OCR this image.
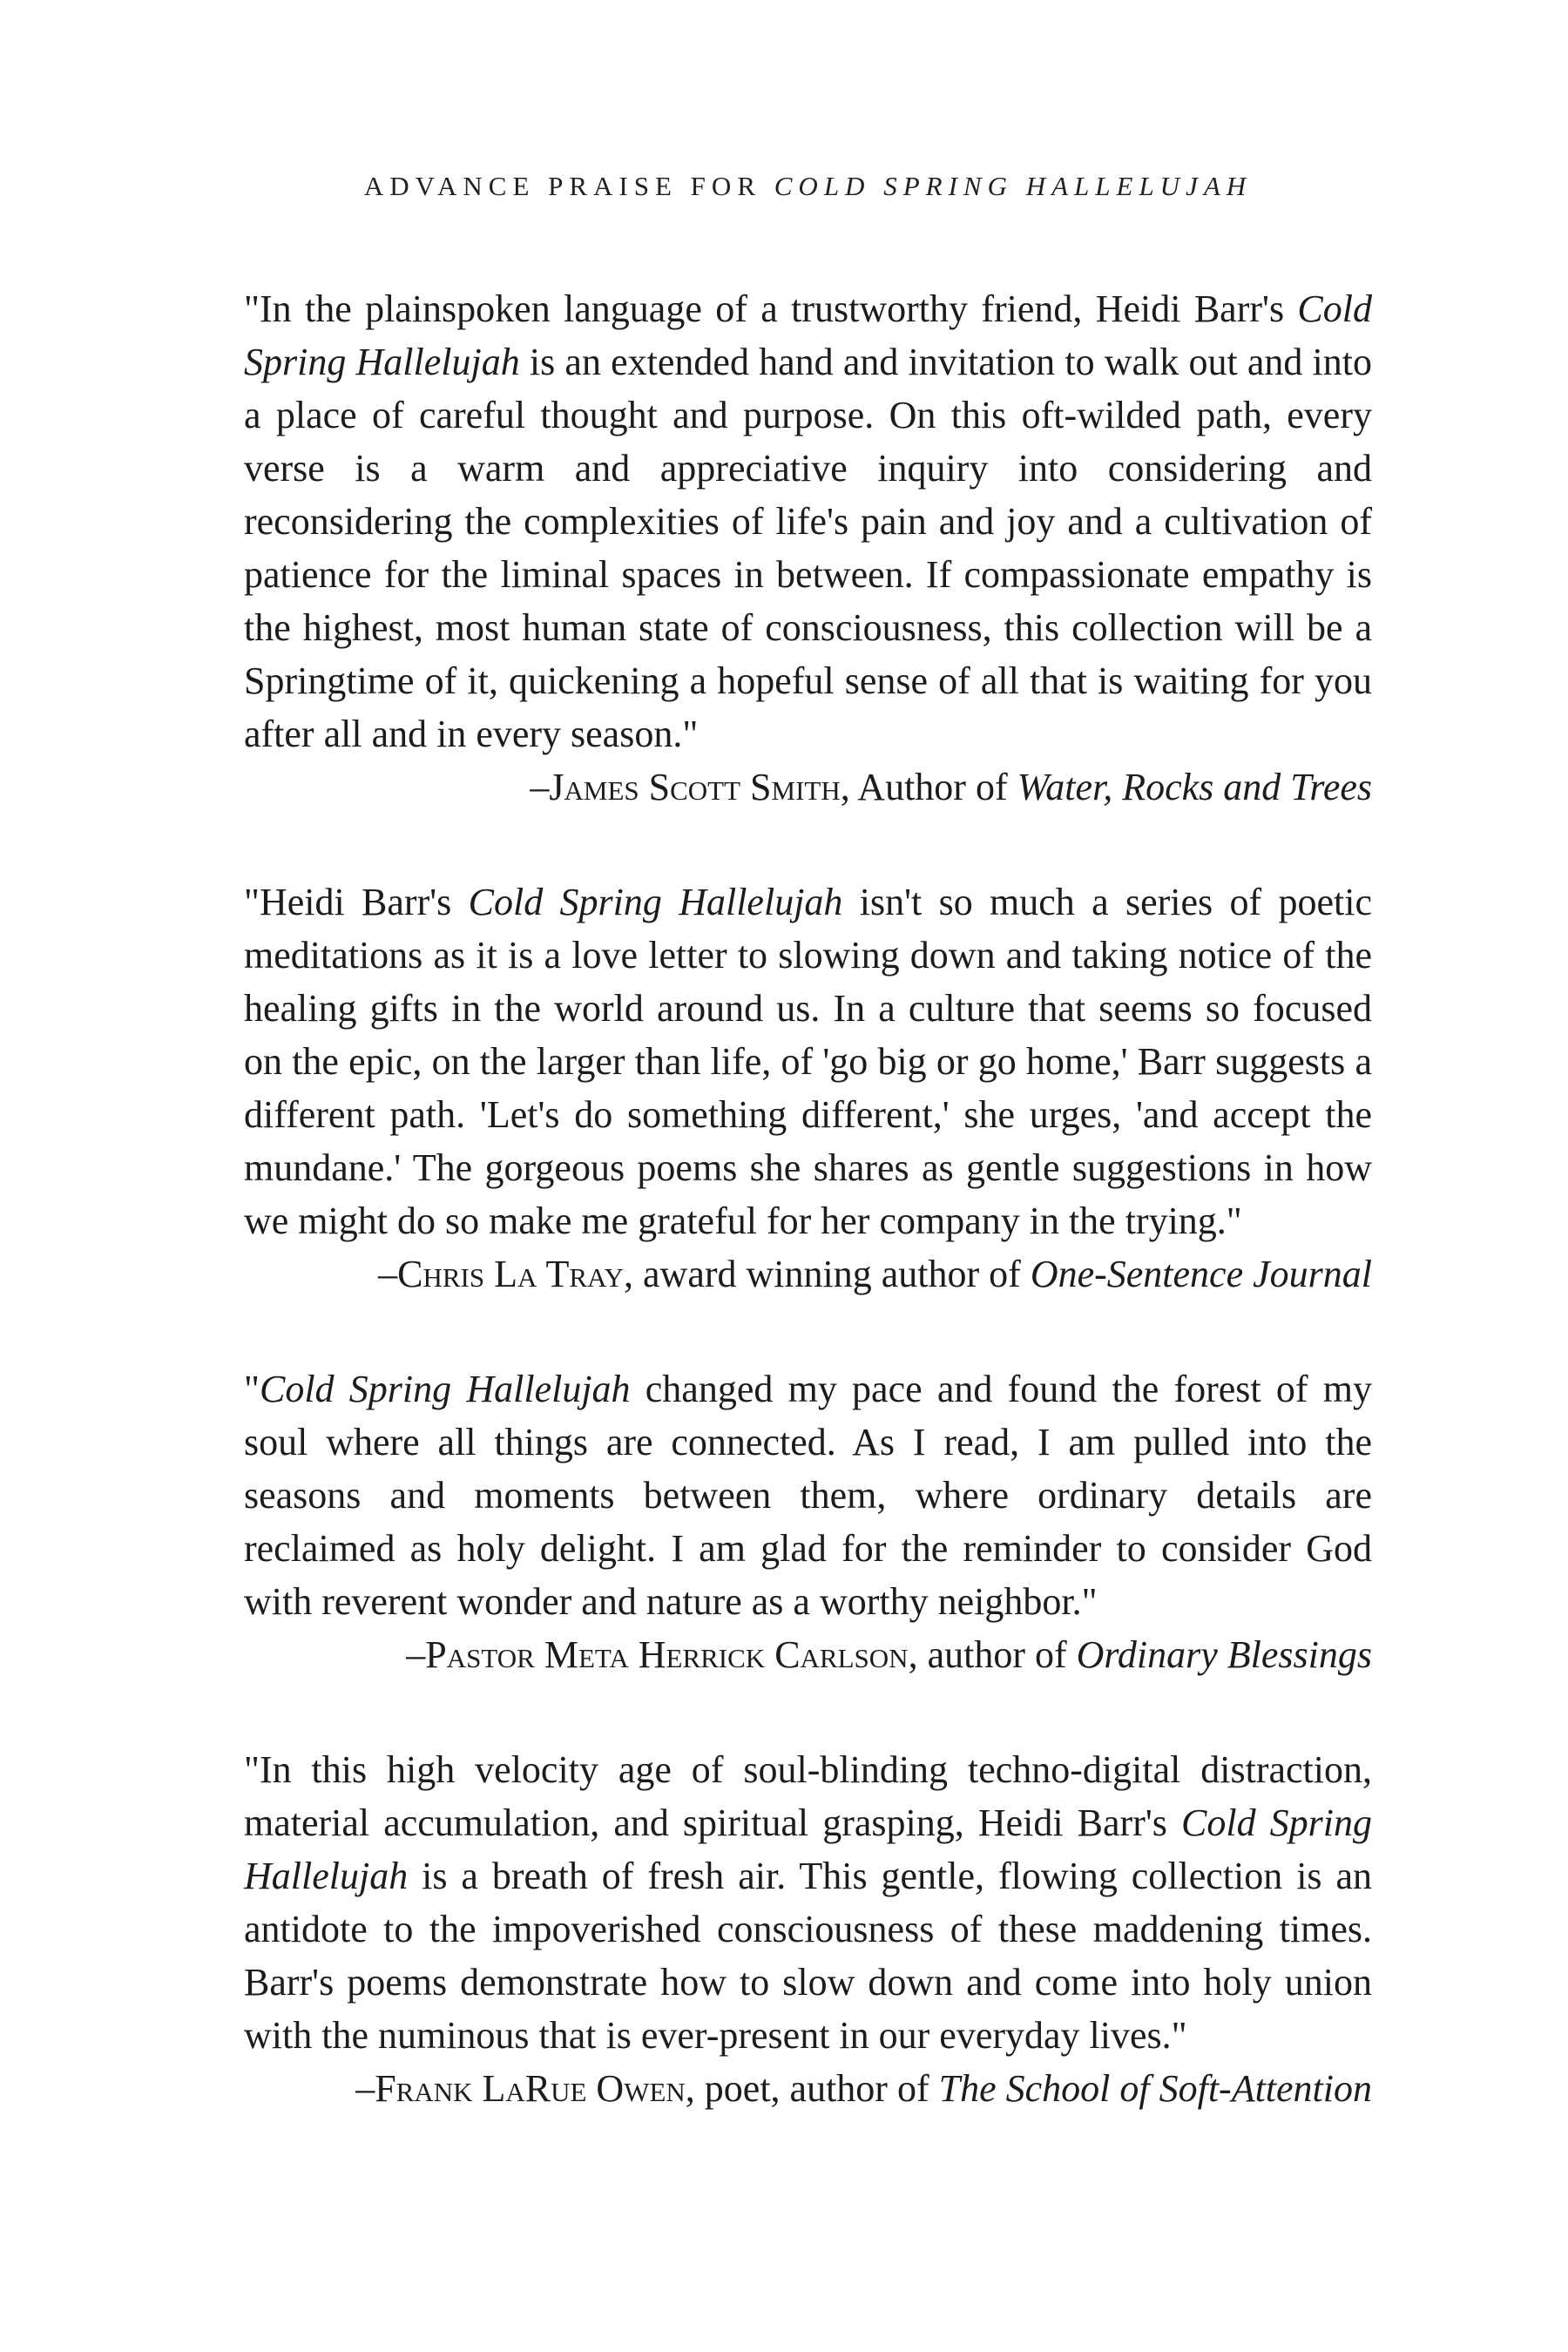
ADVANCE PRAISE FOR COLD SPRING HALLELUJAH

"In the plainspoken language of a trustworthy friend, Heidi Barr's Cold Spring Hallelujah is an extended hand and invitation to walk out and into a place of careful thought and purpose. On this oft-wilded path, every verse is a warm and appreciative inquiry into considering and reconsidering the complexities of life's pain and joy and a cultivation of patience for the liminal spaces in between. If compassionate empathy is the highest, most human state of consciousness, this collection will be a Springtime of it, quickening a hopeful sense of all that is waiting for you after all and in every season."

–James Scott Smith, Author of Water, Rocks and Trees

"Heidi Barr's Cold Spring Hallelujah isn't so much a series of poetic meditations as it is a love letter to slowing down and taking notice of the healing gifts in the world around us. In a culture that seems so focused on the epic, on the larger than life, of 'go big or go home,' Barr suggests a different path. 'Let's do something different,' she urges, 'and accept the mundane.' The gorgeous poems she shares as gentle suggestions in how we might do so make me grateful for her company in the trying."

–Chris La Tray, award winning author of One-Sentence Journal

"Cold Spring Hallelujah changed my pace and found the forest of my soul where all things are connected. As I read, I am pulled into the seasons and moments between them, where ordinary details are reclaimed as holy delight. I am glad for the reminder to consider God with reverent wonder and nature as a worthy neighbor."

–Pastor Meta Herrick Carlson, author of Ordinary Blessings

"In this high velocity age of soul-blinding techno-digital distraction, material accumulation, and spiritual grasping, Heidi Barr's Cold Spring Hallelujah is a breath of fresh air. This gentle, flowing collection is an antidote to the impoverished consciousness of these maddening times. Barr's poems demonstrate how to slow down and come into holy union with the numinous that is ever-present in our everyday lives."

–Frank LaRue Owen, poet, author of The School of Soft-Attention
